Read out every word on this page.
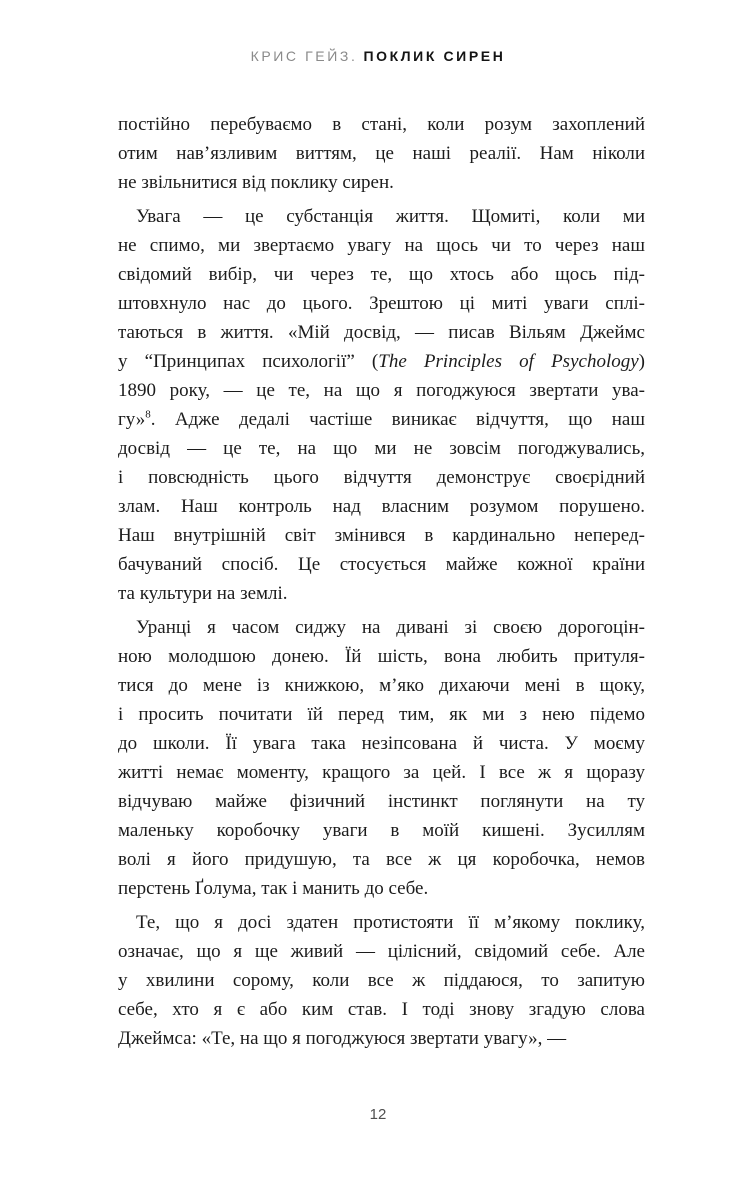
КРИС ГЕЙЗ. ПОКЛИК СИРЕН
постійно перебуваємо в стані, коли розум захоплений
отим нав’язливим виттям, це наші реалії. Нам ніколи
не звільнитися від поклику сирен.
Увага — це субстанція життя. Щомиті, коли ми
не спимо, ми звертаємо увагу на щось чи то через наш
свідомий вибір, чи через те, що хтось або щось під-
штовхнуло нас до цього. Зрештою ці миті уваги сплі-
таються в життя. «Мій досвід, — писав Вільям Джеймс
у “Принципах психології” (The Principles of Psychology)
1890 року, — це те, на що я погоджуюся звертати ува-
гу»$^8$. Адже дедалі частіше виникає відчуття, що наш
досвід — це те, на що ми не зовсім погоджувались,
і повсюдність цього відчуття демонструє своєрідний
злам. Наш контроль над власним розумом порушено.
Наш внутрішній світ змінився в кардинально неперед-
бачуваний спосіб. Це стосується майже кожної країни
та культури на землі.
Уранці я часом сиджу на дивані зі своєю дорогоцін-
ною молодшою донею. Їй шість, вона любить притуля-
тися до мене із книжкою, м’яко дихаючи мені в щоку,
і просить почитати їй перед тим, як ми з нею підемо
до школи. Її увага така незіпсована й чиста. У моєму
житті немає моменту, кращого за цей. І все ж я щоразу
відчуваю майже фізичний інстинкт поглянути на ту
маленьку коробочку уваги в моїй кишені. Зусиллям
волі я його придушую, та все ж ця коробочка, немов
перстень Ґолума, так і манить до себе.
Те, що я досі здатен протистояти її м’якому поклику,
означає, що я ще живий — цілісний, свідомий себе. Але
у хвилини сорому, коли все ж піддаюся, то запитую
себе, хто я є або ким став. І тоді знову згадую слова
Джеймса: «Те, на що я погоджуюся звертати увагу», —
12
